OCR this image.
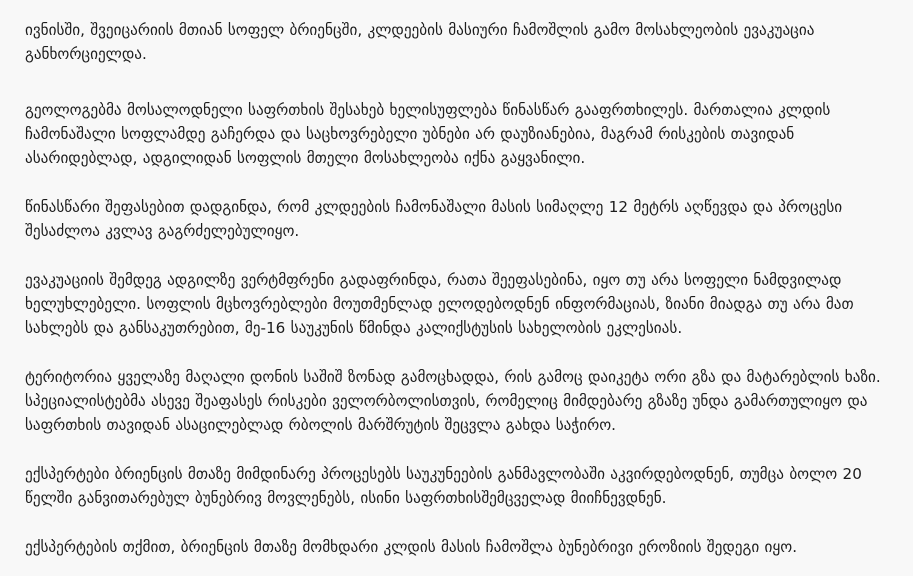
ივნისში, შვეიცარიის მთიან სოფელ ბრიენცში, კლდეების მასიური ჩამოშლის გამო მოსახლეობის ევაკუაცია განხორციელდა.

გეოლოგებმა მოსალოდნელი საფრთხის შესახებ ხელისუფლება წინასწარ გააფრთხილეს. მართალია კლდის ჩამონაშალი სოფლამდე გაჩერდა და საცხოვრებელი უბნები არ დაუზიანებია, მაგრამ რისკების თავიდან ასარიდებლად, ადგილიდან სოფლის მთელი მოსახლეობა იქნა გაყვანილი.

წინასწარი შეფასებით დადგინდა, რომ კლდეების ჩამონაშალი მასის სიმაღლე 12 მეტრს აღწევდა და პროცესი შესაძლოა კვლავ გაგრძელებულიყო.

ევაკუაციის შემდეგ ადგილზე ვერტმფრენი გადაფრინდა, რათა შეეფასებინა, იყო თუ არა სოფელი ნამდვილად ხელუხლებელი. სოფლის მცხოვრებლები მოუთმენლად ელოდებოდნენ ინფორმაციას, ზიანი მიადგა თუ არა მათ სახლებს და განსაკუთრებით, მე-16 საუკუნის წმინდა კალიქსტუსის სახელობის ეკლესიას.

ტერიტორია ყველაზე მაღალი დონის საშიშ ზონად გამოცხადდა, რის გამოც დაიკეტა ორი გზა და მატარებლის ხაზი. სპეციალისტებმა ასევე შეაფასეს რისკები ველორბოლისთვის, რომელიც მიმდებარე გზაზე უნდა გამართულიყო და საფრთხის თავიდან ასაცილებლად რბოლის მარშრუტის შეცვლა გახდა საჭირო.

ექსპერტები ბრიენცის მთაზე მიმდინარე პროცესებს საუკუნეების განმავლობაში აკვირდებოდნენ, თუმცა ბოლო 20 წელში განვითარებულ ბუნებრივ მოვლენებს, ისინი საფრთხისშემცველად მიიჩნევდნენ.

ექსპერტების თქმით, ბრიენცის მთაზე მომხდარი კლდის მასის ჩამოშლა ბუნებრივი ეროზიის შედეგი იყო.
